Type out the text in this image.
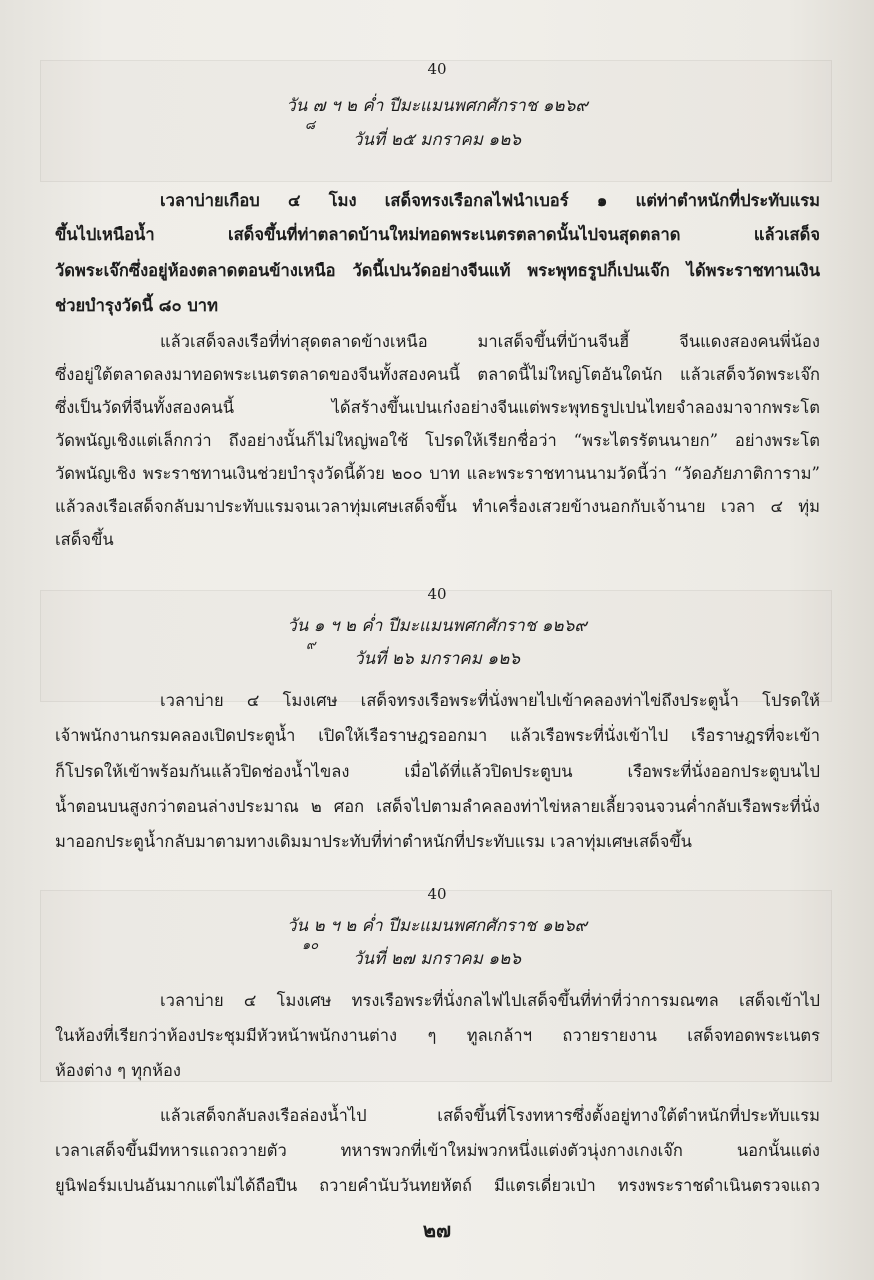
40
วัน ๗ ฯ ๒ ค่ำ ปีมะแมนพศกศักราช ๑๒๖๙
๘
วันที่ ๒๕ มกราคม ๑๒๖
เวลาบ่ายเกือบ ๔ โมง เสด็จทรงเรือกลไฟนำเบอร์ ๑ แต่ท่าตำหนักที่ประทับแรม
ขึ้นไปเหนือน้ำ เสด็จขึ้นที่ท่าตลาดบ้านใหม่ทอดพระเนตรตลาดนั้นไปจนสุดตลาด แล้วเสด็จ
วัดพระเจ๊กซึ่งอยู่ห้องตลาดตอนข้างเหนือ วัดนี้เปนวัดอย่างจีนแท้ พระพุทธรูปก็เปนเจ๊ก ได้พระราชทานเงิน
ช่วยบำรุงวัดนี้ ๘๐ บาท
แล้วเสด็จลงเรือที่ท่าสุดตลาดข้างเหนือ มาเสด็จขึ้นที่บ้านจีนฮี้ จีนแดงสองคนพี่น้อง
ซึ่งอยู่ใต้ตลาดลงมาทอดพระเนตรตลาดของจีนทั้งสองคนนี้ ตลาดนี้ไม่ใหญ่โตอันใดนัก แล้วเสด็จวัดพระเจ๊ก
ซึ่งเป็นวัดที่จีนทั้งสองคนนี้ ได้สร้างขึ้นเปนเก๋งอย่างจีนแต่พระพุทธรูปเปนไทยจำลองมาจากพระโต
วัดพนัญเชิงแต่เล็กกว่า ถึงอย่างนั้นก็ไม่ใหญ่พอใช้ โปรดให้เรียกชื่อว่า “พระไตรรัตนนายก” อย่างพระโต
วัดพนัญเชิง พระราชทานเงินช่วยบำรุงวัดนี้ด้วย ๒๐๐ บาท และพระราชทานนามวัดนี้ว่า “วัดอภัยภาติการาม”
แล้วลงเรือเสด็จกลับมาประทับแรมจนเวลาทุ่มเศษเสด็จขึ้น ทำเครื่องเสวยข้างนอกกับเจ้านาย เวลา ๔ ทุ่ม
เสด็จขึ้น
40
วัน ๑ ฯ ๒ ค่ำ ปีมะแมนพศกศักราช ๑๒๖๙
๙
วันที่ ๒๖ มกราคม ๑๒๖
เวลาบ่าย ๔ โมงเศษ เสด็จทรงเรือพระที่นั่งพายไปเข้าคลองท่าไข่ถึงประตูน้ำ โปรดให้
เจ้าพนักงานกรมคลองเปิดประตูน้ำ เปิดให้เรือราษฎรออกมา แล้วเรือพระที่นั่งเข้าไป เรือราษฎรที่จะเข้า
ก็โปรดให้เข้าพร้อมกันแล้วปิดช่องน้ำไขลง เมื่อได้ที่แล้วปิดประตูบน เรือพระที่นั่งออกประตูบนไป
น้ำตอนบนสูงกว่าตอนล่างประมาณ ๒ ศอก เสด็จไปตามลำคลองท่าไข่หลายเลี้ยวจนจวนค่ำกลับเรือพระที่นั่ง
มาออกประตูน้ำกลับมาตามทางเดิมมาประทับที่ท่าตำหนักที่ประทับแรม เวลาทุ่มเศษเสด็จขึ้น
40
วัน ๒ ฯ ๒ ค่ำ ปีมะแมนพศกศักราช ๑๒๖๙
๑๐
วันที่ ๒๗ มกราคม ๑๒๖
เวลาบ่าย ๔ โมงเศษ ทรงเรือพระที่นั่งกลไฟไปเสด็จขึ้นที่ท่าที่ว่าการมณฑล เสด็จเข้าไป
ในห้องที่เรียกว่าห้องประชุมมีหัวหน้าพนักงานต่าง ๆ ทูลเกล้าฯ ถวายรายงาน เสด็จทอดพระเนตร
ห้องต่าง ๆ ทุกห้อง
แล้วเสด็จกลับลงเรือล่องน้ำไป เสด็จขึ้นที่โรงทหารซึ่งตั้งอยู่ทางใต้ตำหนักที่ประทับแรม
เวลาเสด็จขึ้นมีทหารแถวถวายตัว ทหารพวกที่เข้าใหม่พวกหนึ่งแต่งตัวนุ่งกางเกงเจ๊ก นอกนั้นแต่ง
ยูนิฟอร์มเปนอันมากแต่ไม่ได้ถือปืน ถวายคำนับวันทยหัตถ์ มีแตรเดี่ยวเป่า ทรงพระราชดำเนินตรวจแถว
๒๗
